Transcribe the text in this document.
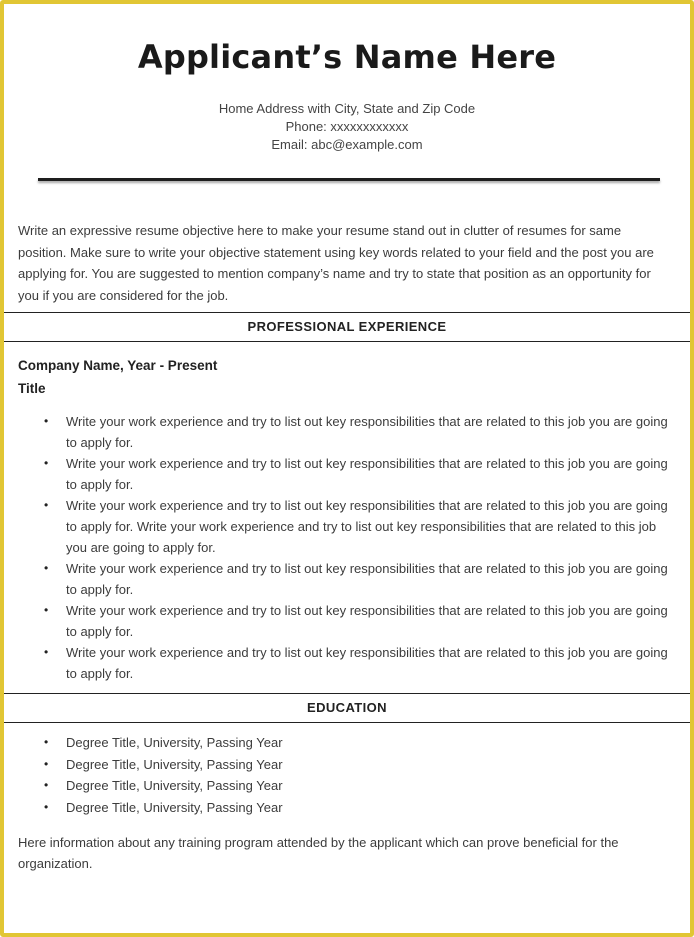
Applicant’s Name Here
Home Address with City, State and Zip Code
Phone: xxxxxxxxxxxx
Email: abc@example.com
Write an expressive resume objective here to make your resume stand out in clutter of resumes for same position. Make sure to write your objective statement using key words related to your field and the post you are applying for. You are suggested to mention company’s name and try to state that position as an opportunity for you if you are considered for the job.
PROFESSIONAL EXPERIENCE
Company Name, Year - Present
Title
• Write your work experience and try to list out key responsibilities that are related to this job you are going to apply for.
• Write your work experience and try to list out key responsibilities that are related to this job you are going to apply for.
• Write your work experience and try to list out key responsibilities that are related to this job you are going to apply for. Write your work experience and try to list out key responsibilities that are related to this job you are going to apply for.
• Write your work experience and try to list out key responsibilities that are related to this job you are going to apply for.
• Write your work experience and try to list out key responsibilities that are related to this job you are going to apply for.
• Write your work experience and try to list out key responsibilities that are related to this job you are going to apply for.
EDUCATION
• Degree Title, University, Passing Year
• Degree Title, University, Passing Year
• Degree Title, University, Passing Year
• Degree Title, University, Passing Year
Here information about any training program attended by the applicant which can prove beneficial for the organization.
